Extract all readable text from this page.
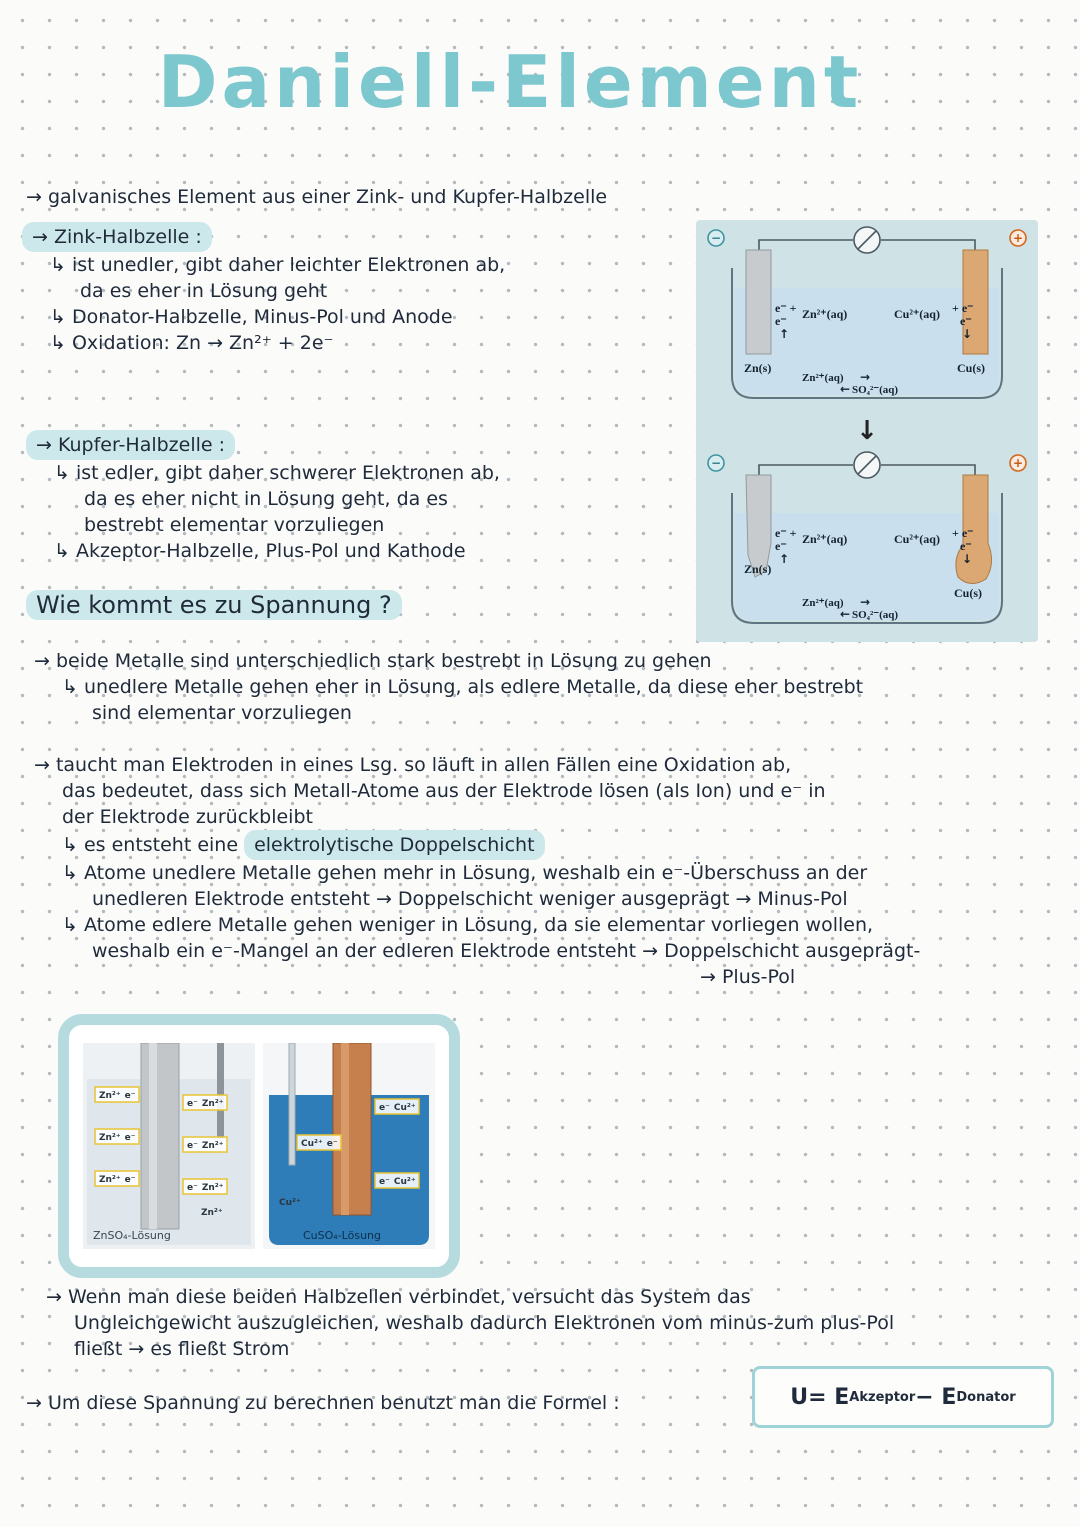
Daniell-Element
→ galvanisches Element aus einer Zink- und Kupfer-Halbzelle
→ Zink-Halbzelle :
↳ ist unedler, gibt daher leichter Elektronen ab,
da es eher in Lösung geht
↳ Donator-Halbzelle, Minus-Pol und Anode
↳ Oxidation: Zn → Zn²⁺ + 2e⁻
→ Kupfer-Halbzelle :
↳ ist edler, gibt daher schwerer Elektronen ab,
da es eher nicht in Lösung geht, da es
bestrebt elementar vorzuliegen
↳ Akzeptor-Halbzelle, Plus-Pol und Kathode
−	+
e⁻ +
e⁻
↑
Zn²⁺(aq)	Cu²⁺(aq) + e⁻
e⁻
↓
Zn(s)	Cu(s)
Zn²⁺(aq) →
← SO₄²⁻(aq)
↓
−	+
e⁻ +
e⁻
↑
Zn²⁺(aq)	Cu²⁺(aq) + e⁻
e⁻
↓
Zn(s)
Cu(s)
Zn²⁺(aq) →
← SO₄²⁻(aq)
Wie kommt es zu Spannung ?
→ beide Metalle sind unterschiedlich stark bestrebt in Lösung zu gehen
↳ unedlere Metalle gehen eher in Lösung, als edlere Metalle, da diese eher bestrebt
sind elementar vorzuliegen
→ taucht man Elektroden in eines Lsg. so läuft in allen Fällen eine Oxidation ab,
das bedeutet, dass sich Metall-Atome aus der Elektrode lösen (als Ion) und e⁻ in
der Elektrode zurückbleibt
↳ es entsteht eine elektrolytische Doppelschicht
↳ Atome unedlere Metalle gehen mehr in Lösung, weshalb ein e⁻-Überschuss an der
unedleren Elektrode entsteht → Doppelschicht weniger ausgeprägt → Minus-Pol
↳ Atome edlere Metalle gehen weniger in Lösung, da sie elementar vorliegen wollen,
weshalb ein e⁻-Mangel an der edleren Elektrode entsteht → Doppelschicht ausgeprägt-
→ Plus-Pol
Zn²⁺ e⁻
e⁻ Zn²⁺
Zn²⁺ e⁻
e⁻ Zn²⁺
Zn²⁺ e⁻
e⁻ Zn²⁺
Zn²⁺
ZnSO₄-Lösung
e⁻ Cu²⁺
Cu²⁺ e⁻
e⁻ Cu²⁺
Cu²⁺
CuSO₄-Lösung
→ Wenn man diese beiden Halbzellen verbindet, versucht das System das
Ungleichgewicht auszugleichen, weshalb dadurch Elektronen vom minus-zum plus-Pol
fließt → es fließt Strom
→ Um diese Spannung zu berechnen benutzt man die Formel :	U= E Akzeptor − E Donator
